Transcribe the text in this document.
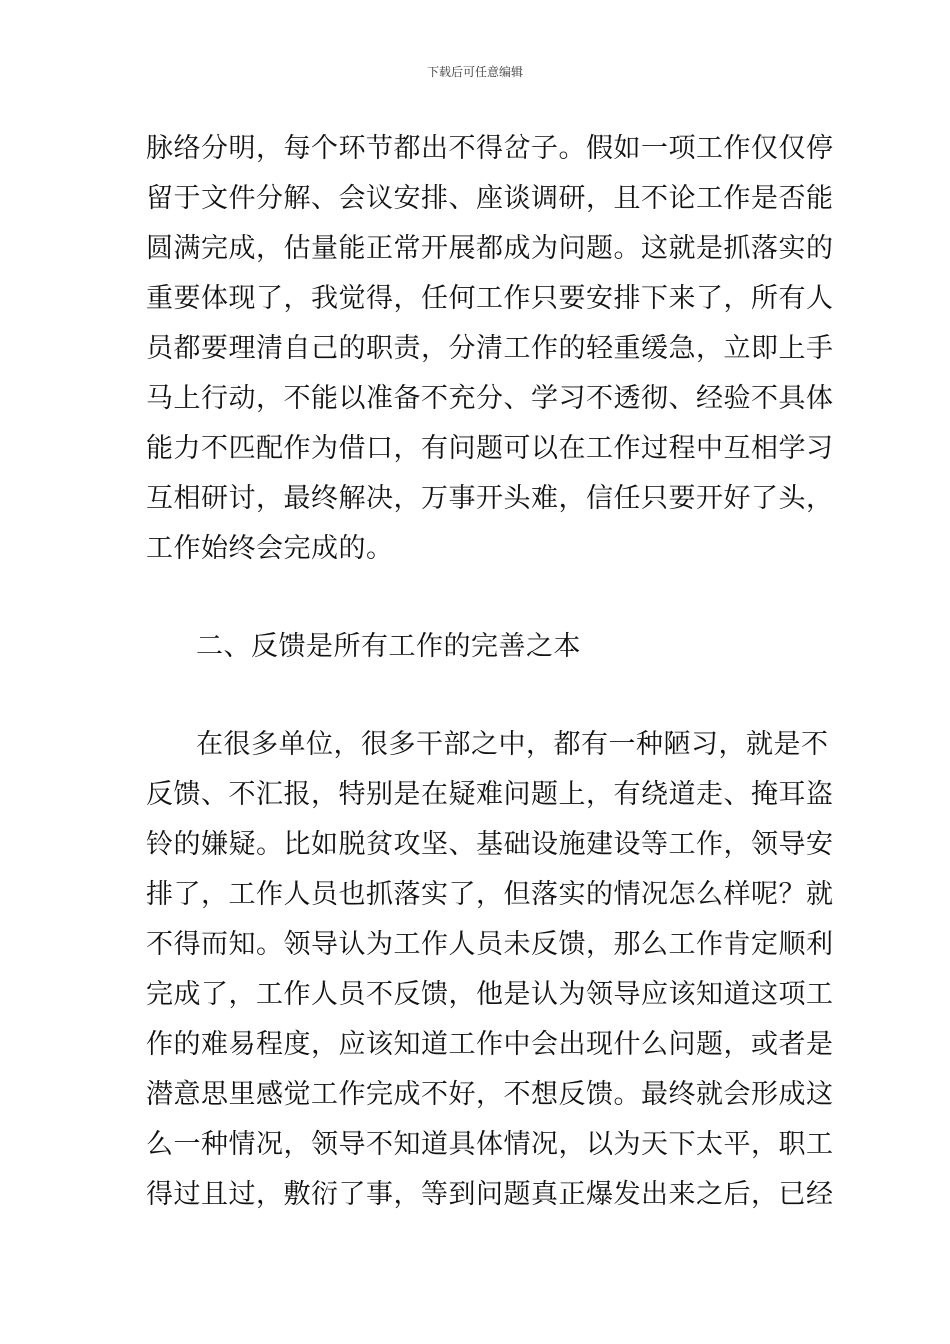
下载后可任意编辑
脉络分明，每个环节都出不得岔子。假如一项工作仅仅停
留于文件分解、会议安排、座谈调研，且不论工作是否能
圆满完成，估量能正常开展都成为问题。这就是抓落实的
重要体现了，我觉得，任何工作只要安排下来了，所有人
员都要理清自己的职责，分清工作的轻重缓急，立即上手
马上行动，不能以准备不充分、学习不透彻、经验不具体
能力不匹配作为借口，有问题可以在工作过程中互相学习
互相研讨，最终解决，万事开头难，信任只要开好了头，
工作始终会完成的。
二、反馈是所有工作的完善之本
在很多单位，很多干部之中，都有一种陋习，就是不
反馈、不汇报，特别是在疑难问题上，有绕道走、掩耳盗
铃的嫌疑。比如脱贫攻坚、基础设施建设等工作，领导安
排了，工作人员也抓落实了，但落实的情况怎么样呢？就
不得而知。领导认为工作人员未反馈，那么工作肯定顺利
完成了，工作人员不反馈，他是认为领导应该知道这项工
作的难易程度，应该知道工作中会出现什么问题，或者是
潜意思里感觉工作完成不好，不想反馈。最终就会形成这
么一种情况，领导不知道具体情况，以为天下太平，职工
得过且过，敷衍了事，等到问题真正爆发出来之后，已经
